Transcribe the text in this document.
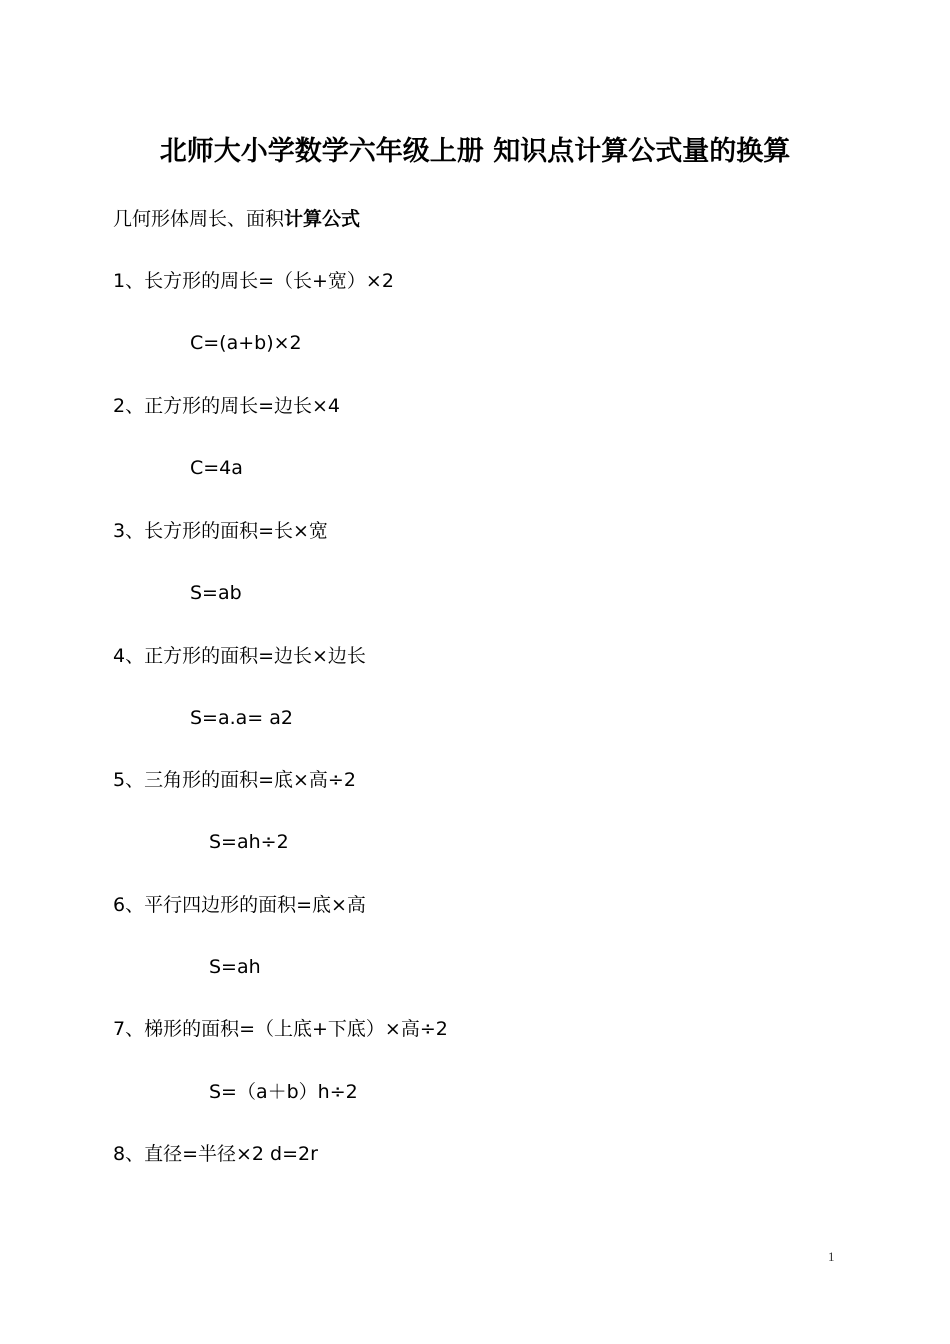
北师大小学数学六年级上册 知识点计算公式量的换算
几何形体周长、面积计算公式
1、长方形的周长=（长+宽）×2
C=(a+b)×2
2、正方形的周长=边长×4
C=4a
3、长方形的面积=长×宽
S=ab
4、正方形的面积=边长×边长
S=a.a= a2
5、三角形的面积=底×高÷2
S=ah÷2
6、平行四边形的面积=底×高
S=ah
7、梯形的面积=（上底+下底）×高÷2
S=（a＋b）h÷2
8、直径=半径×2 d=2r
1
